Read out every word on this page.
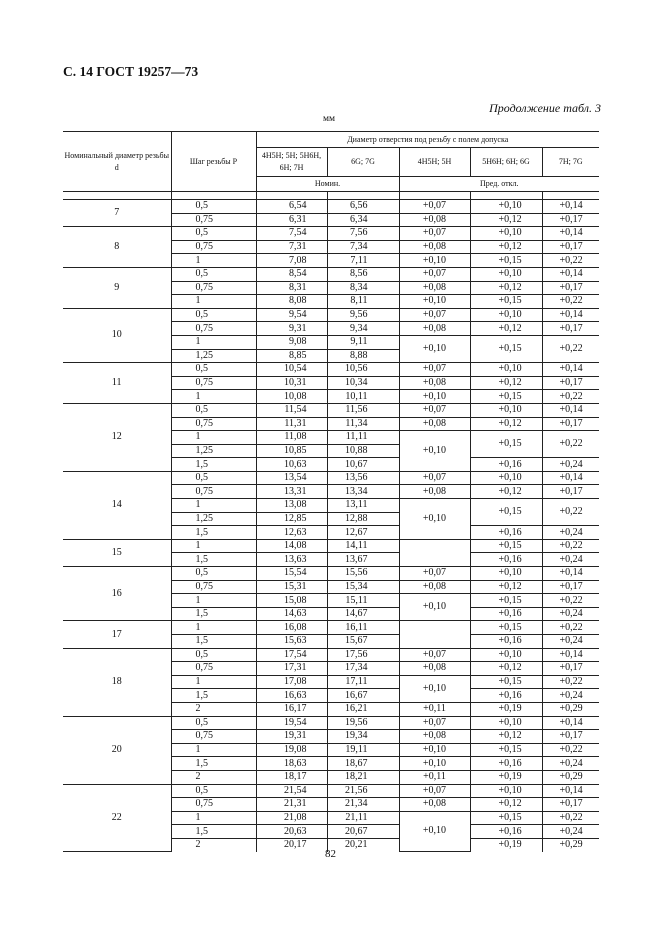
С. 14 ГОСТ 19257—73
Продолжение табл. 3
мм
Номинальный диаметр резьбы d	Шаг резьбы P	Диаметр отверстия под резьбу с полем допуска				
		4H5H; 5H; 5H6H, 6H; 7H	6G; 7G	4H5H; 5H	5H6H; 6H; 6G	7H; 7G
		Номин.		Пред. откл.		

7	0,5	6,54	6,56	+0,07	+0,10	+0,14
	0,75	6,31	6,34	+0,08	+0,12	+0,17
8	0,5	7,54	7,56	+0,07	+0,10	+0,14
	0,75	7,31	7,34	+0,08	+0,12	+0,17
	1	7,08	7,11	+0,10	+0,15	+0,22
9	0,5	8,54	8,56	+0,07	+0,10	+0,14
	0,75	8,31	8,34	+0,08	+0,12	+0,17
	1	8,08	8,11	+0,10	+0,15	+0,22
10	0,5	9,54	9,56	+0,07	+0,10	+0,14
	0,75	9,31	9,34	+0,08	+0,12	+0,17
	1	9,08	9,11	+0,10	+0,15	+0,22
	1,25	8,85	8,88			
11	0,5	10,54	10,56	+0,07	+0,10	+0,14
	0,75	10,31	10,34	+0,08	+0,12	+0,17
	1	10,08	10,11	+0,10	+0,15	+0,22
12	0,5	11,54	11,56	+0,07	+0,10	+0,14
	0,75	11,31	11,34	+0,08	+0,12	+0,17
	1	11,08	11,11	+0,10	+0,15	+0,22
	1,25	10,85	10,88			
	1,5	10,63	10,67		+0,16	+0,24
14	0,5	13,54	13,56	+0,07	+0,10	+0,14
	0,75	13,31	13,34	+0,08	+0,12	+0,17
	1	13,08	13,11	+0,10	+0,15	+0,22
	1,25	12,85	12,88			
	1,5	12,63	12,67		+0,16	+0,24
15	1	14,08	14,11		+0,15	+0,22
	1,5	13,63	13,67		+0,16	+0,24
16	0,5	15,54	15,56	+0,07	+0,10	+0,14
	0,75	15,31	15,34	+0,08	+0,12	+0,17
	1	15,08	15,11	+0,10	+0,15	+0,22
	1,5	14,63	14,67		+0,16	+0,24
17	1	16,08	16,11		+0,15	+0,22
	1,5	15,63	15,67		+0,16	+0,24
18	0,5	17,54	17,56	+0,07	+0,10	+0,14
	0,75	17,31	17,34	+0,08	+0,12	+0,17
	1	17,08	17,11	+0,10	+0,15	+0,22
	1,5	16,63	16,67		+0,16	+0,24
	2	16,17	16,21	+0,11	+0,19	+0,29
20	0,5	19,54	19,56	+0,07	+0,10	+0,14
	0,75	19,31	19,34	+0,08	+0,12	+0,17
	1	19,08	19,11	+0,10	+0,15	+0,22
	1,5	18,63	18,67	+0,10	+0,16	+0,24
	2	18,17	18,21	+0,11	+0,19	+0,29
22	0,5	21,54	21,56	+0,07	+0,10	+0,14
	0,75	21,31	21,34	+0,08	+0,12	+0,17
	1	21,08	21,11	+0,10	+0,15	+0,22
	1,5	20,63	20,67		+0,16	+0,24
	2	20,17	20,21		+0,19	+0,29
82
